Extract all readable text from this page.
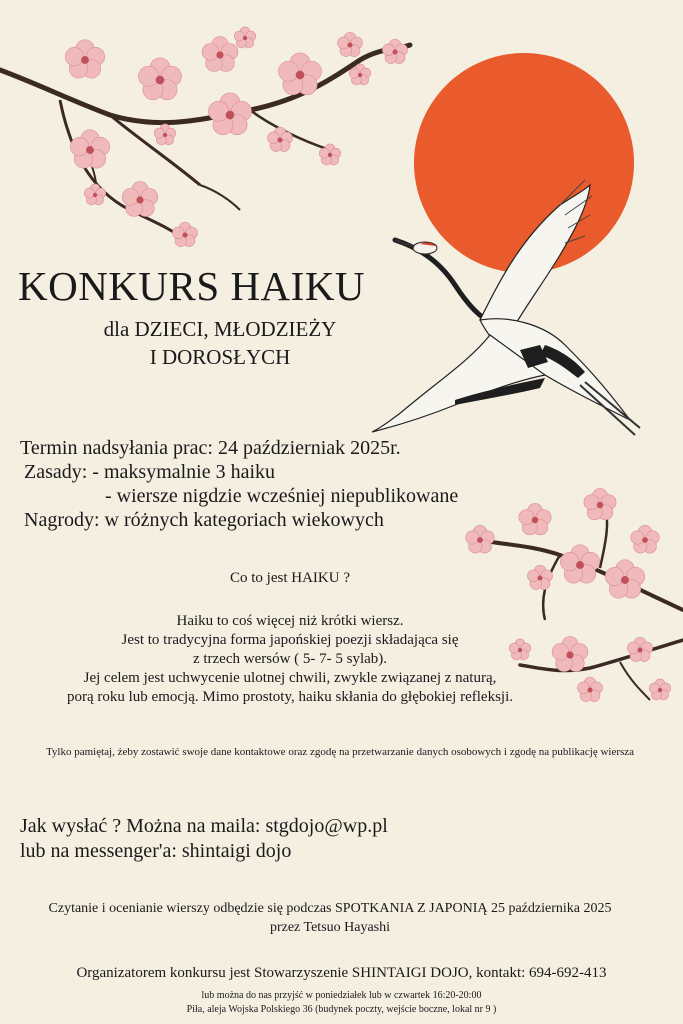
KONKURS HAIKU
dla DZIECI, MŁODZIEŻY
I DOROSŁYCH
Termin nadsyłania prac: 24 październiak 2025r.
Zasady: - maksymalnie 3 haiku
- wiersze nigdzie wcześniej niepublikowane
Nagrody: w różnych kategoriach wiekowych
Co to jest HAIKU ?
Haiku to coś więcej niż krótki wiersz.
Jest to tradycyjna forma japońskiej poezji składająca się
z trzech wersów ( 5- 7- 5 sylab).
Jej celem jest uchwycenie ulotnej chwili, zwykle związanej z naturą,
porą roku lub emocją. Mimo prostoty, haiku skłania do głębokiej refleksji.
Tylko pamiętaj, żeby zostawić swoje dane kontaktowe oraz zgodę na przetwarzanie danych osobowych i zgodę na publikację wiersza
Jak wysłać ? Można na maila: stgdojo@wp.pl
lub na messenger'a: shintaigi dojo
Czytanie i ocenianie wierszy odbędzie się podczas SPOTKANIA Z JAPONIĄ 25 października 2025
przez Tetsuo Hayashi
Organizatorem konkursu jest Stowarzyszenie SHINTAIGI DOJO, kontakt: 694-692-413
lub można do nas przyjść w poniedziałek lub w czwartek 16:20-20:00
Piła, aleja Wojska Polskiego 36 (budynek poczty, wejście boczne, lokal nr 9 )
